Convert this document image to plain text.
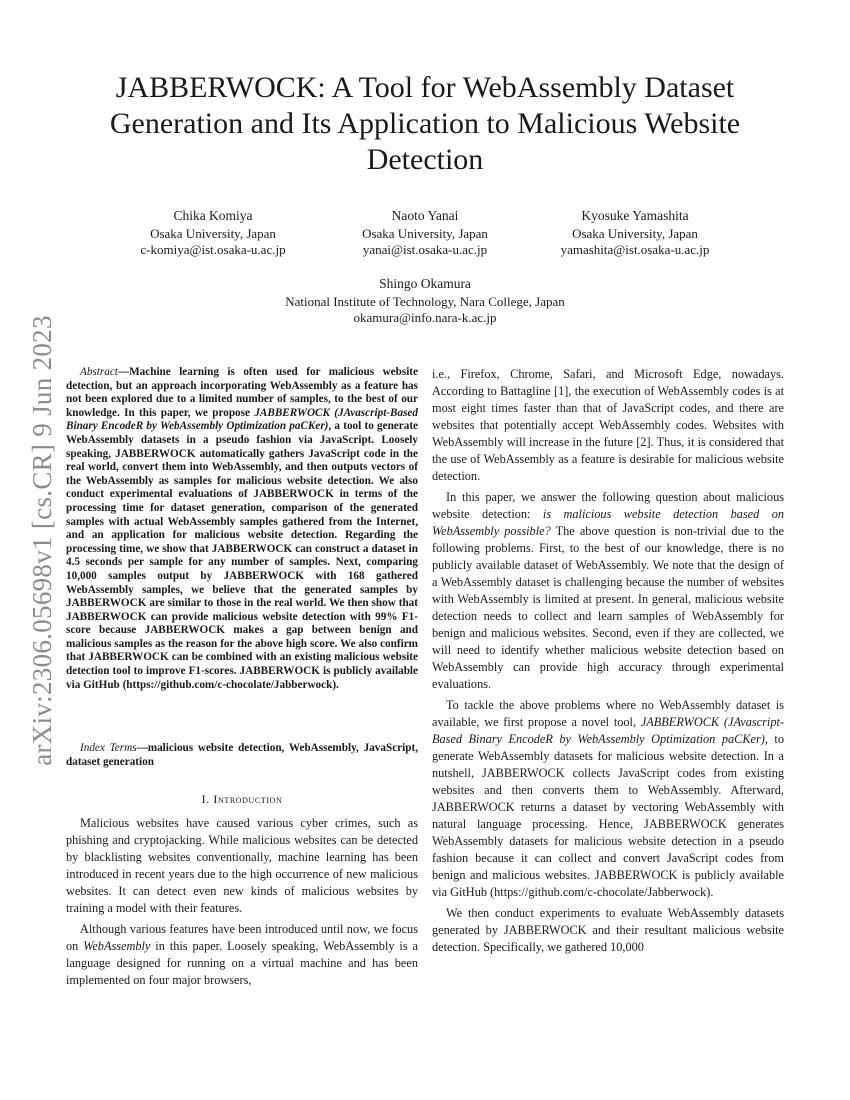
arXiv:2306.05698v1 [cs.CR] 9 Jun 2023
JABBERWOCK: A Tool for WebAssembly Dataset Generation and Its Application to Malicious Website Detection
Chika Komiya
Osaka University, Japan
c-komiya@ist.osaka-u.ac.jp
Naoto Yanai
Osaka University, Japan
yanai@ist.osaka-u.ac.jp
Kyosuke Yamashita
Osaka University, Japan
yamashita@ist.osaka-u.ac.jp
Shingo Okamura
National Institute of Technology, Nara College, Japan
okamura@info.nara-k.ac.jp
Abstract—Machine learning is often used for malicious website detection, but an approach incorporating WebAssembly as a feature has not been explored due to a limited number of samples, to the best of our knowledge. In this paper, we propose JABBERWOCK (JAvascript-Based Binary EncodeR by WebAssembly Optimization paCKer), a tool to generate WebAssembly datasets in a pseudo fashion via JavaScript. Loosely speaking, JABBERWOCK automatically gathers JavaScript code in the real world, convert them into WebAssembly, and then outputs vectors of the WebAssembly as samples for malicious website detection. We also conduct experimental evaluations of JABBERWOCK in terms of the processing time for dataset generation, comparison of the generated samples with actual WebAssembly samples gathered from the Internet, and an application for malicious website detection. Regarding the processing time, we show that JABBERWOCK can construct a dataset in 4.5 seconds per sample for any number of samples. Next, comparing 10,000 samples output by JABBERWOCK with 168 gathered WebAssembly samples, we believe that the generated samples by JABBERWOCK are similar to those in the real world. We then show that JABBERWOCK can provide malicious website detection with 99% F1-score because JABBERWOCK makes a gap between benign and malicious samples as the reason for the above high score. We also confirm that JABBERWOCK can be combined with an existing malicious website detection tool to improve F1-scores. JABBERWOCK is publicly available via GitHub (https://github.com/c-chocolate/Jabberwock).
Index Terms—malicious website detection, WebAssembly, JavaScript, dataset generation
I. Introduction

Malicious websites have caused various cyber crimes, such as phishing and cryptojacking. While malicious websites can be detected by blacklisting websites conventionally, machine learning has been introduced in recent years due to the high occurrence of new malicious websites. It can detect even new kinds of malicious websites by training a model with their features.

Although various features have been introduced until now, we focus on WebAssembly in this paper. Loosely speaking, WebAssembly is a language designed for running on a virtual machine and has been implemented on four major browsers,

i.e., Firefox, Chrome, Safari, and Microsoft Edge, nowadays. According to Battagline [1], the execution of WebAssembly codes is at most eight times faster than that of JavaScript codes, and there are websites that potentially accept WebAssembly codes. Websites with WebAssembly will increase in the future [2]. Thus, it is considered that the use of WebAssembly as a feature is desirable for malicious website detection.

In this paper, we answer the following question about malicious website detection: is malicious website detection based on WebAssembly possible? The above question is non-trivial due to the following problems. First, to the best of our knowledge, there is no publicly available dataset of WebAssembly. We note that the design of a WebAssembly dataset is challenging because the number of websites with WebAssembly is limited at present. In general, malicious website detection needs to collect and learn samples of WebAssembly for benign and malicious websites. Second, even if they are collected, we will need to identify whether malicious website detection based on WebAssembly can provide high accuracy through experimental evaluations.

To tackle the above problems where no WebAssembly dataset is available, we first propose a novel tool, JABBERWOCK (JAvascript-Based Binary EncodeR by WebAssembly Optimization paCKer), to generate WebAssembly datasets for malicious website detection. In a nutshell, JABBERWOCK collects JavaScript codes from existing websites and then converts them to WebAssembly. Afterward, JABBERWOCK returns a dataset by vectoring WebAssembly with natural language processing. Hence, JABBERWOCK generates WebAssembly datasets for malicious website detection in a pseudo fashion because it can collect and convert JavaScript codes from benign and malicious websites. JABBERWOCK is publicly available via GitHub (https://github.com/c-chocolate/Jabberwock).

We then conduct experiments to evaluate WebAssembly datasets generated by JABBERWOCK and their resultant malicious website detection. Specifically, we gathered 10,000
